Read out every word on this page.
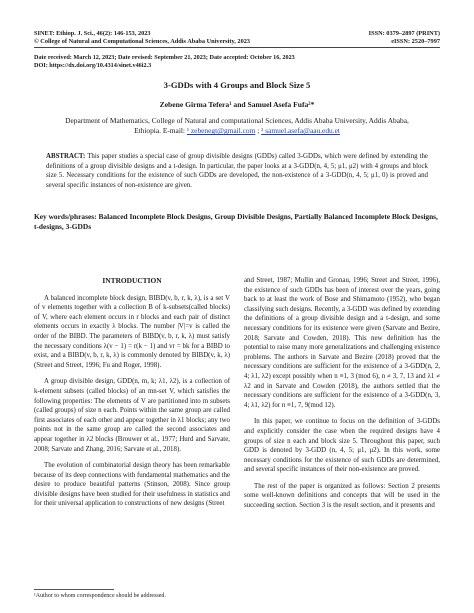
SINET: Ethiop. J. Sci., 46(2): 146-153, 2023	ISSN: 0379–2897 (PRINT)
© College of Natural and Computational Sciences, Addis Ababa University, 2023	eISSN: 2520–7997
Date received: March 12, 2023; Date revised: September 21, 2023; Date accepted: October 16, 2023
DOI: https://dx.doi.org/10.4314/sinet.v46i2.3
3-GDDs with 4 Groups and Block Size 5
Zebene Girma Tefera¹ and Samuel Asefa Fufa²*
Department of Mathematics, College of Natural and computational Sciences, Addis Ababa University, Addis Ababa, Ethiopia. E-mail: ¹ zebenegt@gmail.com ; ² samuel.asefa@aau.edu.et
ABSTRACT: This paper studies a special case of group divisible designs (GDDs) called 3-GDDs, which were defined by extending the definitions of a group divisible designs and a t-design. In particular, the paper looks at a 3-GDD(n, 4, 5; μ1, μ2) with 4 groups and block size 5. Necessary conditions for the existence of such GDDs are developed, the non-existence of a 3-GDD(n, 4, 5; μ1, 0) is proved and several specific instances of non-existence are given.
Key words/phrases: Balanced Incomplete Block Designs, Group Divisible Designs, Partially Balanced Incomplete Block Designs, t-designs, 3-GDDs
INTRODUCTION

A balanced incomplete block design, BIBD(v, b, r, k, λ), is a set V of v elements together with a collection B of k-subsets(called blocks) of V, where each element occurs in r blocks and each pair of distinct elements occurs in exactly λ blocks. The number |V|=v is called the order of the BIBD. The parameters of BIBD(v, b, r, k, λ) must satisfy the necessary conditions λ(v − 1) = r(k − 1) and vr = bk for a BIBD to exist, and a BIBD(v, b, r, k, λ) is commonly denoted by BIBD(v, k, λ) (Street and Street, 1996; Fu and Roger, 1998).

A group divisible design, GDD(n, m, k; λ1, λ2), is a collection of k-element subsets (called blocks) of an mn-set V, which satisfies the following properties: The elements of V are partitioned into m subsets (called groups) of size n each. Points within the same group are called first associates of each other and appear together in λ1 blocks; any two points not in the same group are called the second associates and appear together in λ2 blocks (Brouwer et al., 1977; Hurd and Sarvate, 2008; Sarvate and Zhang, 2016; Sarvate et al., 2018).

The evolution of combinatorial design theory has been remarkable because of its deep connections with fundamental mathematics and the desire to produce beautiful patterns (Stinson, 2008). Since group divisible designs have been studied for their usefulness in statistics and for their universal application to constructions of new designs (Street

and Street, 1987; Mullin and Gronau, 1996; Street and Street, 1996), the existence of such GDDs has been of interest over the years, going back to at least the work of Bose and Shimamoto (1952), who began classifying such designs. Recently, a 3-GDD was defined by extending the definitions of a group divisible design and a t-design, and some necessary conditions for its existence were given (Sarvate and Bezire, 2018; Sarvate and Cowden, 2018). This new definition has the potential to raise many more generalizations and challenging existence problems. The authors in Sarvate and Bezire (2018) proved that the necessary conditions are sufficient for the existence of a 3-GDD(n, 2, 4; λ1, λ2) except possibly when n ≡1, 3 (mod 6), n ≠ 3, 7, 13 and λ1 ≠ λ2 and in Sarvate and Cowden (2018), the authors settled that the necessary conditions are sufficient for the existence of a 3-GDD(n, 3, 4; λ1, λ2) for n ≡1, 7, 9(mod 12).

In this paper, we continue to focus on the definition of 3-GDDs and explicitly consider the case when the required designs have 4 groups of size n each and block size 5. Throughout this paper, such GDD is denoted by 3-GDD (n, 4, 5; μ1, μ2). In this work, some necessary conditions for the existence of such GDDs are determined, and several specific instances of their non-existence are proved.

The rest of the paper is organized as follows: Section 2 presents some well-known definitions and concepts that will be used in the succeeding section. Section 3 is the result section, and it presents and

¹Author to whom correspondence should be addressed.
